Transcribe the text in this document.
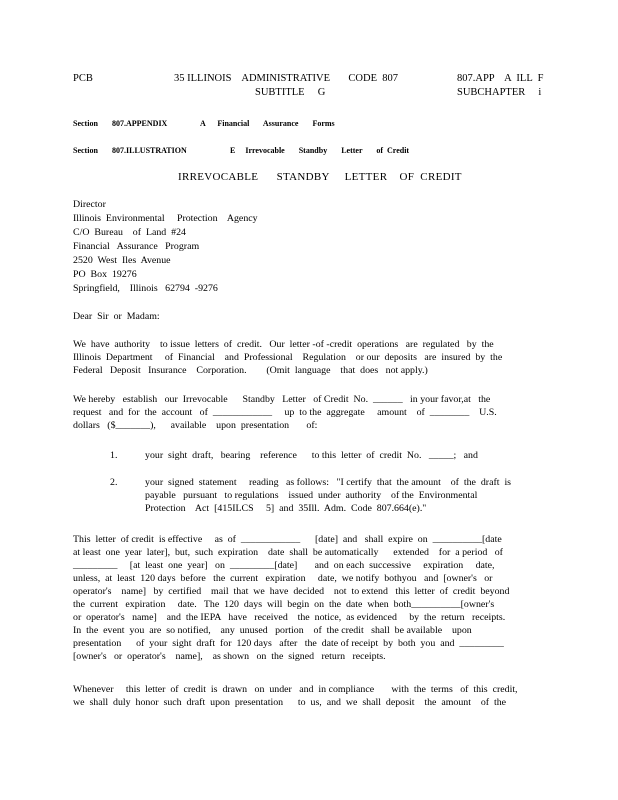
PCB	35 ILLINOIS    ADMINISTRATIVE       CODE  807
SUBTITLE     G
807.APP    A  ILL  F
SUBCHAPTER     i
Section 807.APPENDIX	A      Financial       Assurance       Forms
Section 807.ILLUSTRATION	E     Irrevocable       Standby       Letter       of  Credit
IRREVOCABLE      STANDBY     LETTER    OF  CREDIT
Director
Illinois  Environmental     Protection    Agency
C/O  Bureau    of  Land  #24
Financial   Assurance   Program
2520  West  Iles  Avenue
PO  Box  19276
Springfield,    Illinois   62794  -9276
Dear  Sir  or  Madam:
We  have  authority    to issue  letters  of  credit.   Our  letter -of -credit  operations   are  regulated   by  the
Illinois  Department     of  Financial    and  Professional    Regulation    or our  deposits   are  insured  by  the
Federal   Deposit   Insurance    Corporation.        (Omit  language    that  does   not apply.)
We hereby   establish   our  Irrevocable      Standby   Letter   of Credit  No.  ______   in your favor,at   the
request   and  for  the  account   of  ____________     up  to the  aggregate     amount    of  ________    U.S.
dollars   ($_______),      available    upon  presentation       of:
1.	your  sight  draft,   bearing    reference      to this  letter  of  credit  No.   _____;   and
2.	your  signed  statement     reading   as follows:   "I certify  that  the amount    of  the  draft  is
payable   pursuant   to regulations    issued  under  authority    of the  Environmental
Protection    Act  [415ILCS     5]  and  35Ill.  Adm.  Code  807.664(e)."
This  letter  of credit  is effective     as  of  ____________      [date]  and   shall  expire  on  __________[date
at least  one  year  later],  but,  such  expiration    date  shall  be automatically      extended    for  a period   of
_________     [at  least  one  year]   on  _________[date]       and  on each  successive     expiration     date,
unless,  at  least  120 days  before   the  current   expiration     date,  we notify  bothyou   and  [owner's   or
operator's    name]   by  certified    mail  that  we  have  decided    not  to extend   this  letter  of  credit  beyond
the  current   expiration     date.   The  120  days  will  begin  on  the  date  when  both__________[owner's
or  operator's   name]    and  the IEPA   have   received    the  notice,  as evidenced     by  the  return   receipts.
In  the  event  you  are  so notified,    any  unused   portion    of  the credit   shall  be available    upon
presentation      of  your  sight  draft  for  120 days   after   the  date of receipt  by  both  you  and  _________
[owner's   or  operator's    name],    as shown   on  the  signed   return   receipts.
Whenever     this  letter  of  credit  is  drawn   on  under   and  in compliance       with  the  terms   of  this  credit,
we  shall  duly  honor  such  draft  upon  presentation      to  us,  and  we  shall  deposit    the  amount    of  the
